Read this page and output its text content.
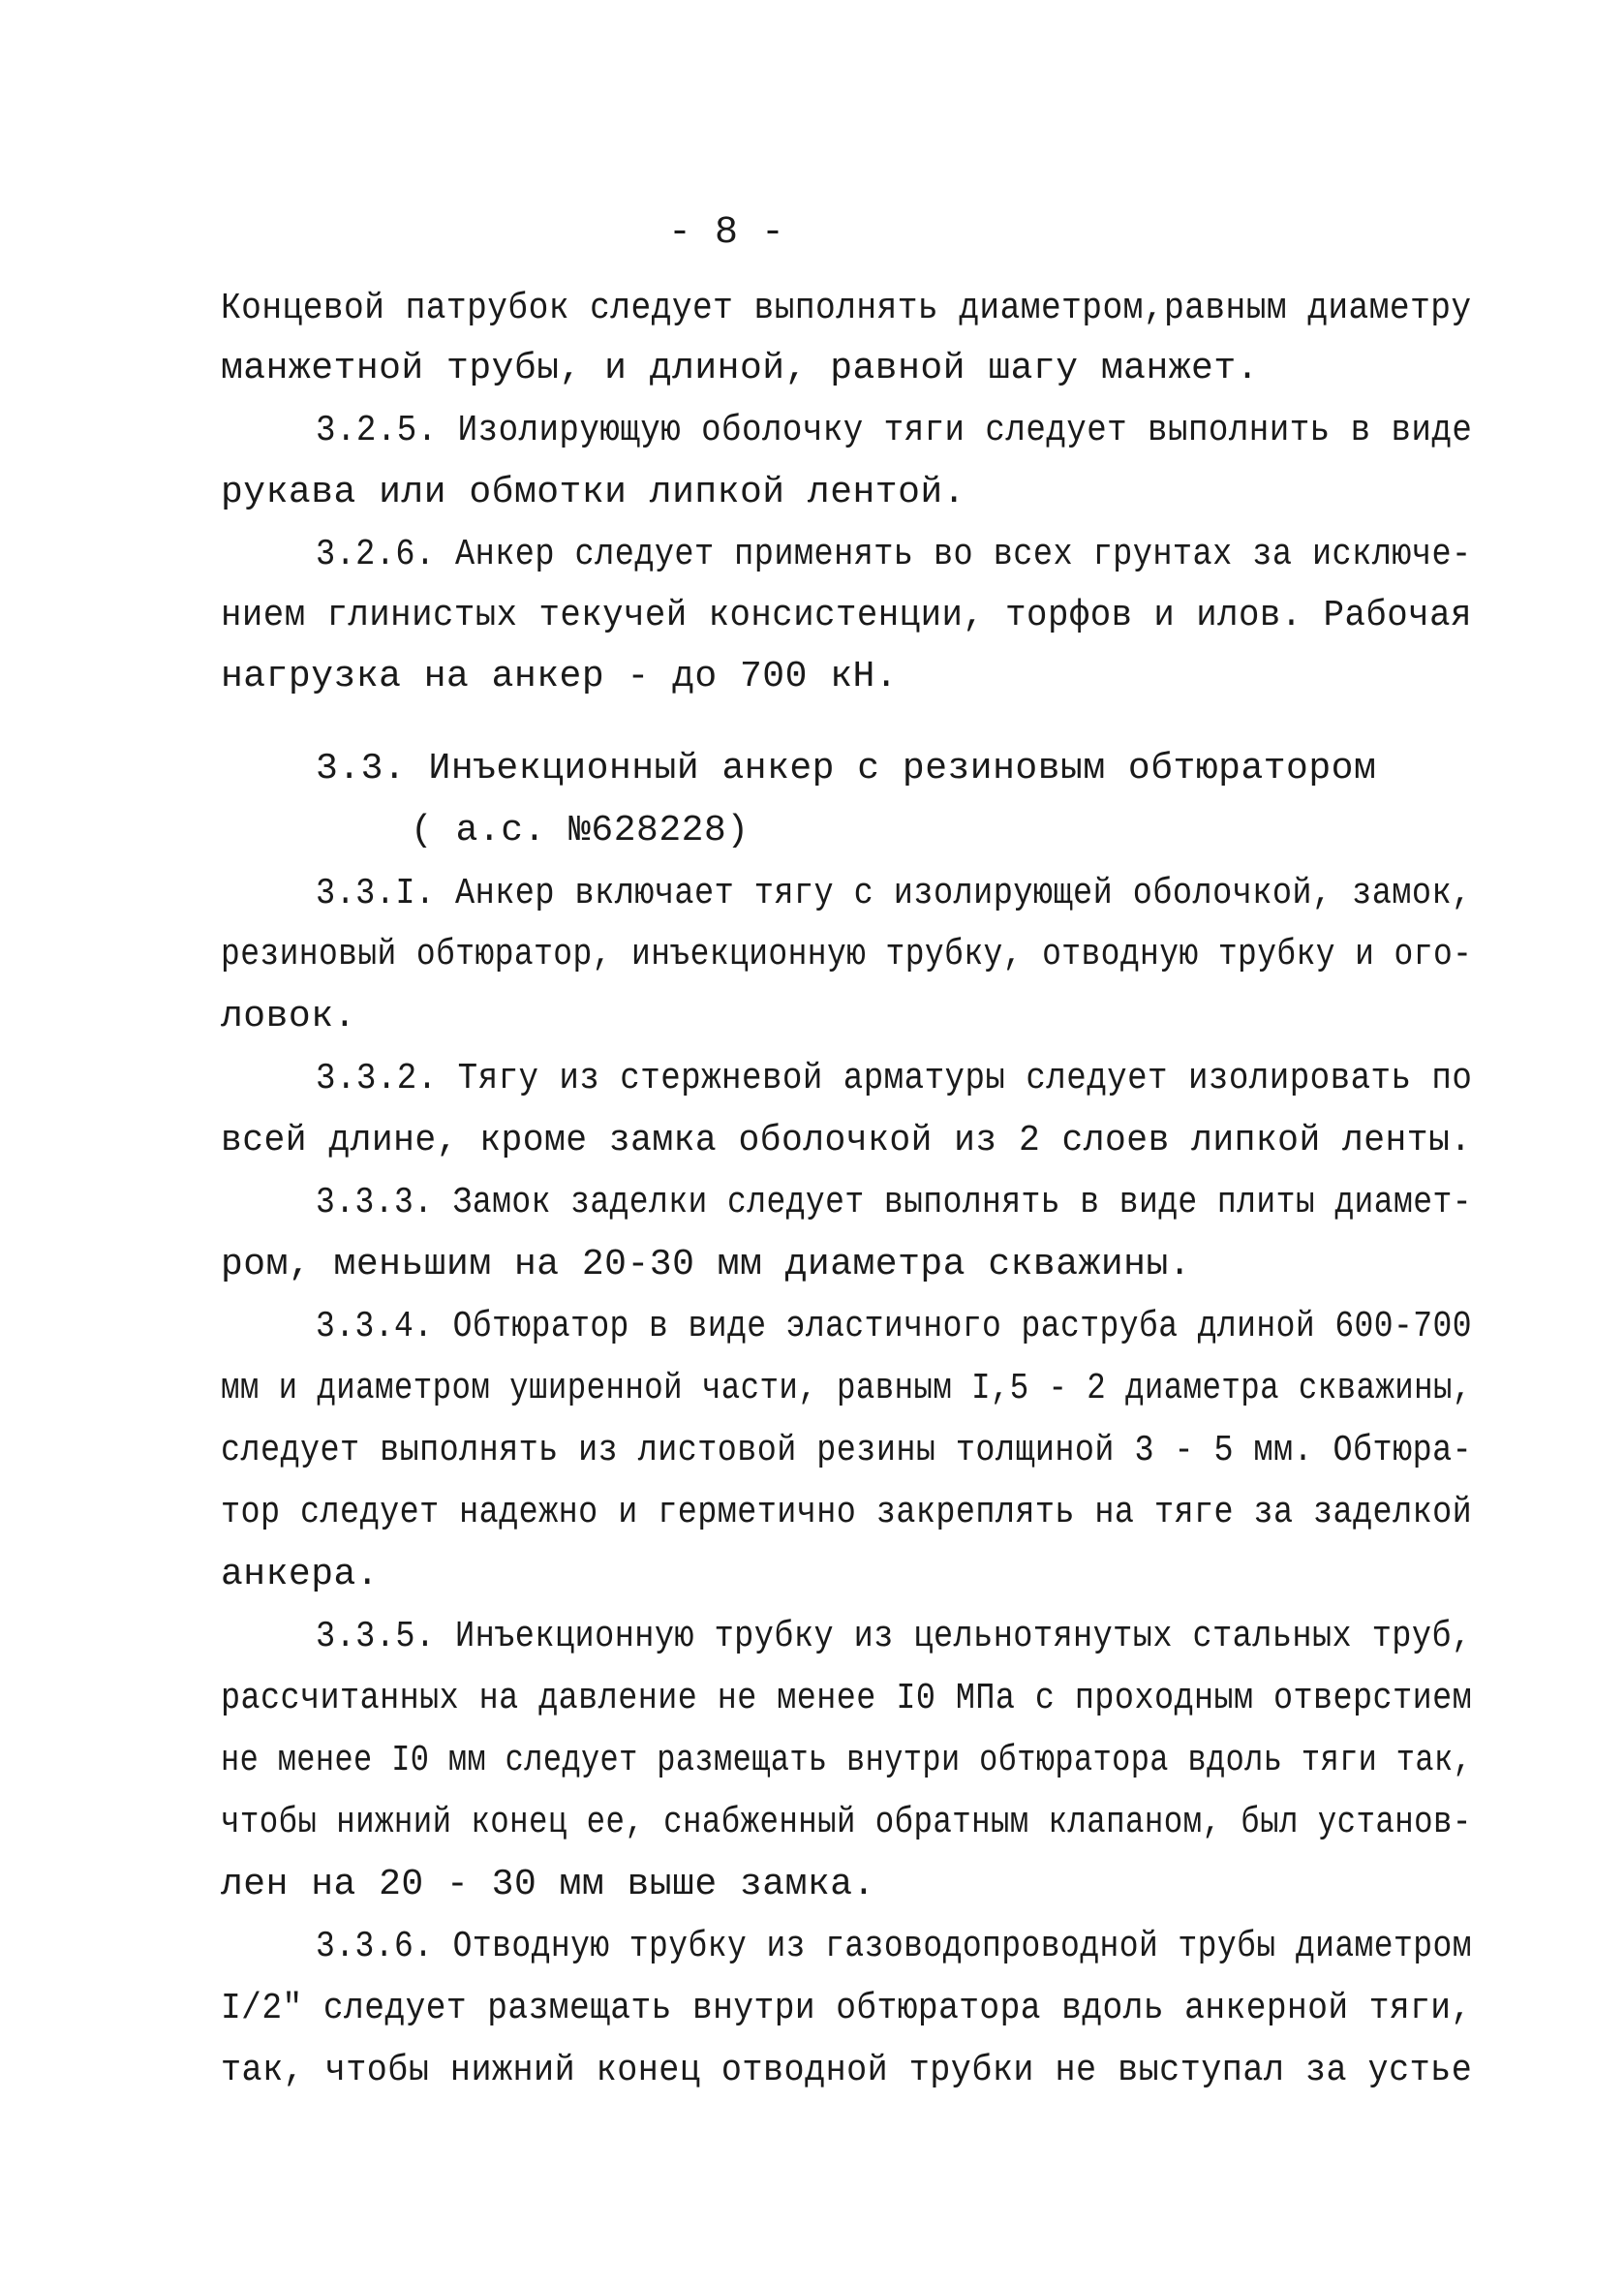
- 8 -
Концевой патрубок следует выполнять диаметром,равным диаметру
манжетной трубы, и длиной, равной шагу манжет.
3.2.5. Изолирующую оболочку тяги следует выполнить в виде
рукава или обмотки липкой лентой.
3.2.6. Анкер следует применять во всех грунтах за исключе-
нием глинистых текучей консистенции, торфов и илов. Рабочая
нагрузка на анкер - до 700 кН.
3.3. Инъекционный анкер с резиновым обтюратором
( а.с. №628228)
3.3.I. Анкер включает тягу с изолирующей оболочкой, замок,
резиновый обтюратор, инъекционную трубку, отводную трубку и ого-
ловок.
3.3.2. Тягу из стержневой арматуры следует изолировать по
всей длине, кроме замка оболочкой из 2 слоев липкой ленты.
3.3.3. Замок заделки следует выполнять в виде плиты диамет-
ром, меньшим на 20-30 мм диаметра скважины.
3.3.4. Обтюратор в виде эластичного раструба длиной 600-700
мм и диаметром уширенной части, равным I,5 - 2 диаметра скважины,
следует выполнять из листовой резины толщиной 3 - 5 мм. Обтюра-
тор следует надежно и герметично закреплять на тяге за заделкой
анкера.
3.3.5. Инъекционную трубку из цельнотянутых стальных труб,
рассчитанных на давление не менее I0 МПа с проходным отверстием
не менее I0 мм следует размещать внутри обтюратора вдоль тяги так,
чтобы нижний конец ее, снабженный обратным клапаном, был установ-
лен на 20 - 30 мм выше замка.
3.3.6. Отводную трубку из газоводопроводной трубы диаметром
I/2" следует размещать внутри обтюратора вдоль анкерной тяги,
так, чтобы нижний конец отводной трубки не выступал за устье
